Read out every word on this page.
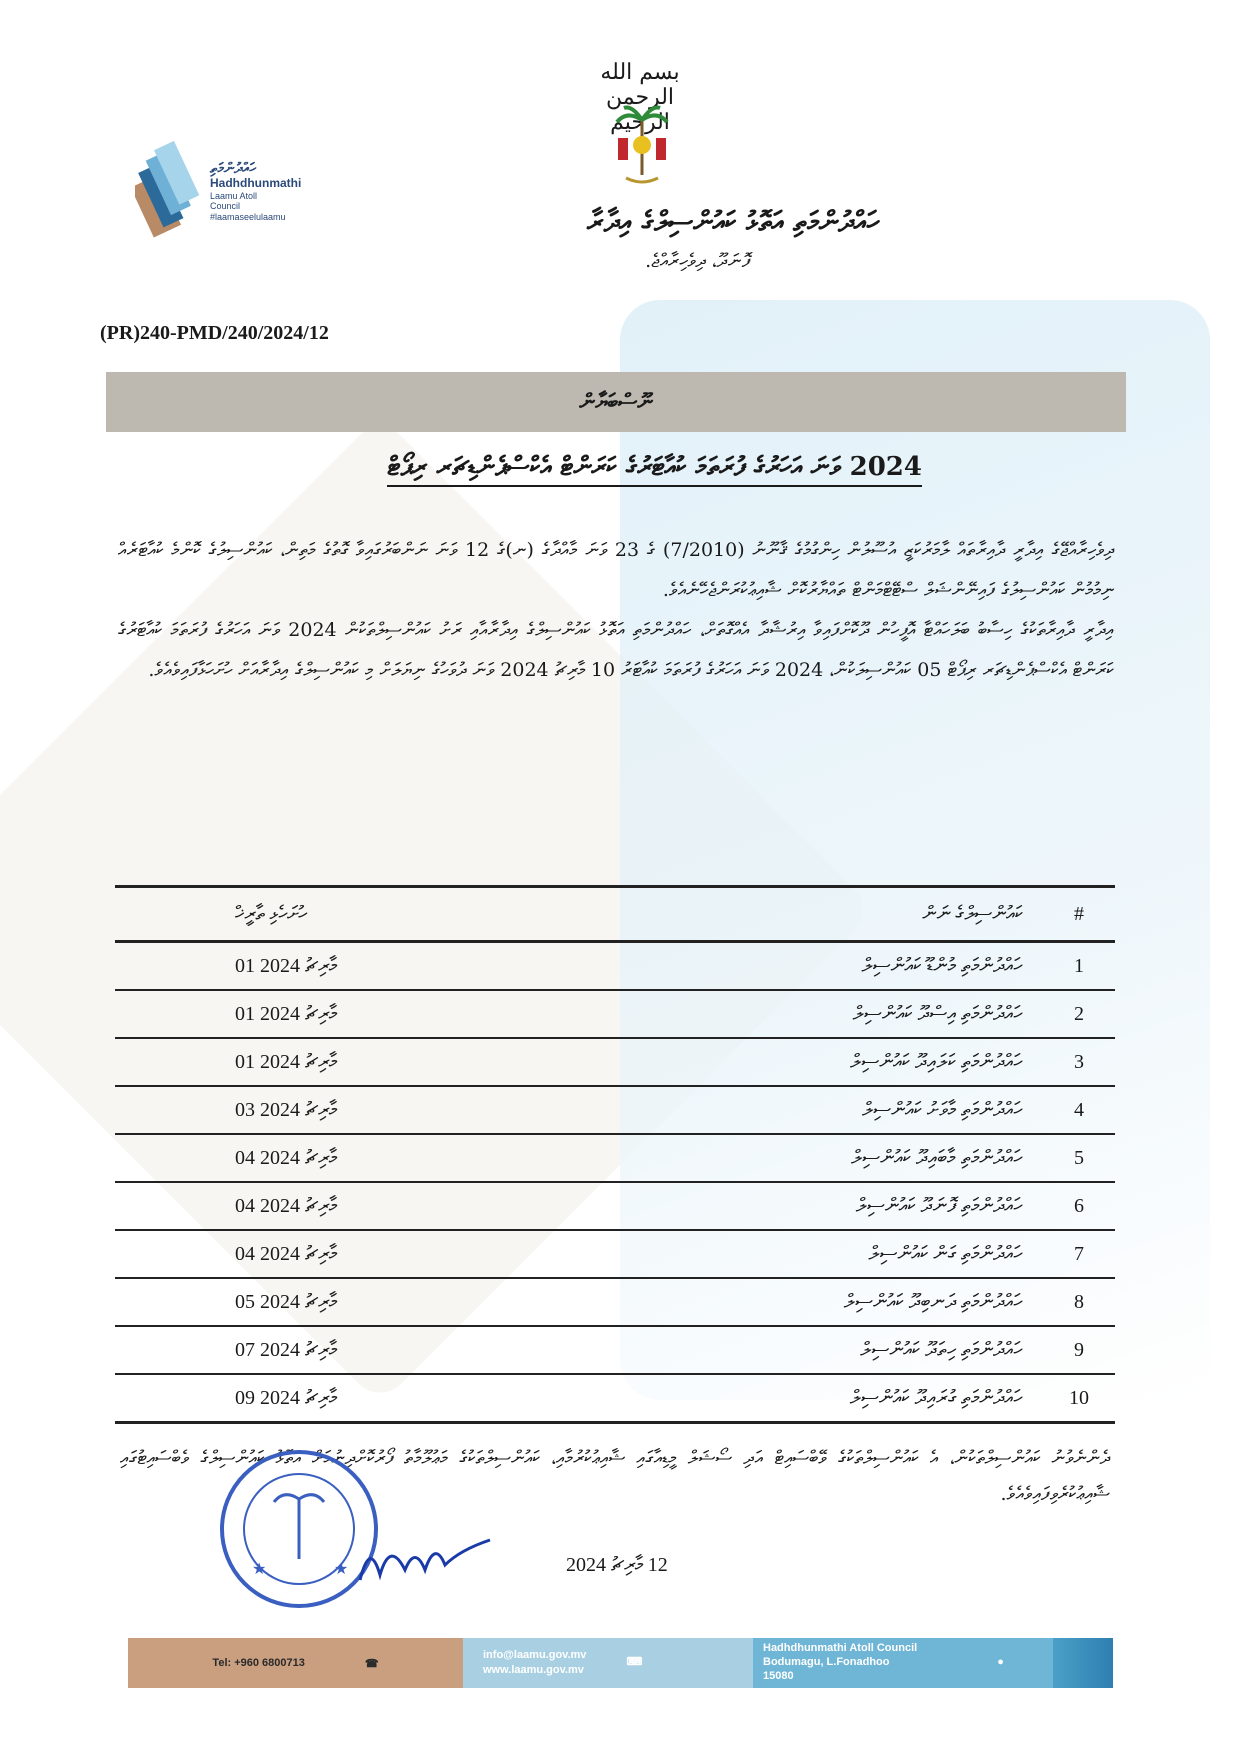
بسم الله الرحمن الرحيم
ހައްދުންމަތި
Hadhdhunmathi
Laamu Atoll
Council
#laamaseelulaamu	ހައްދުންމަތި އަތޮޅު ކައުންސިލްގެ އިދާރާ
ފޮނަދޫ، ދިވެހިރާއްޖެ.
(PR)240-PMD/240/2024/12
ނޫސްބަޔާން
2024 ވަނަ އަހަރުގެ ފުރަތަމަ ކުއާޓަރުގެ ކަރަންޓް އެކްސްޕެންޑިޗަރ ރިޕޯޓް

ދިވެހިރާއްޖޭގެ އިދާރީ ދާއިރާތައް ލާމަރުކަޒީ އުސޫލުން ހިންގުމުގެ ޤާނޫނު (7/2010) ގެ 23 ވަނަ މާއްދާގެ (ނ)ގެ 12 ވަނަ ނަންބަރުގައިވާ ގޮތުގެ މަތިން، ކައުންސިލުގެ ކޮންމެ ކުއާޓަރެއް ނިމުމުން ކައުންސިލުގެ ފައިނޭންޝަލް ސްޓޭޓްމަންޓް ތައްޔާރުކޮށް ޝާއިޢުކުރަންޖެހޭނެއެވެ.

އިދާރީ ދާއިރާތަކުގެ ހިސާބު ބަލަހައްޓާ އޮފީހުން ދޫކޮށްފައިވާ އިރުޝާދާ އެއްގޮތަށް، ހައްދުންމަތި އަތޮޅު ކައުންސިލްގެ އިދާރާއާއި ރަށު ކައުންސިލްތަކުން 2024 ވަނަ އަހަރުގެ ފުރަތަމަ ކުއާޓަރުގެ ކަރަންޓް އެކްސްޕެންޑިޗަރ ރިޕޯޓް 05 ކައުންސިލަކުން، 2024 ވަނަ އަހަރުގެ ފުރަތަމަ ކުއާޓަރު 10 މާރިޗު 2024 ވަނަ ދުވަހުގެ ނިޔަލަށް މި ކައުންސިލްގެ އިދާރާއަށް ހުށަހަޅާފައިވެއެވެ.

ހުށަހެޅި ތާރީޚް	ކައުންސިލްގެ ނަން	#
01 މާރިޗު 2024	ހައްދުންމަތި މުންޑޫ ކައުންސިލް	1
01 މާރިޗު 2024	ހައްދުންމަތި އިސްދޫ ކައުންސިލް	2
01 މާރިޗު 2024	ހައްދުންމަތި ކަލައިދޫ ކައުންސިލް	3
03 މާރިޗު 2024	ހައްދުންމަތި މާވަށު ކައުންސިލް	4
04 މާރިޗު 2024	ހައްދުންމަތި މާބައިދޫ ކައުންސިލް	5
04 މާރިޗު 2024	ހައްދުންމަތި ފޮނަދޫ ކައުންސިލް	6
04 މާރިޗު 2024	ހައްދުންމަތި ގަން ކައުންސިލް	7
05 މާރިޗު 2024	ހައްދުންމަތި ދަނބިދޫ ކައުންސިލް	8
07 މާރިޗު 2024	ހައްދުންމަތި ހިތަދޫ ކައުންސިލް	9
09 މާރިޗު 2024	ހައްދުންމަތި ގުރައިދޫ ކައުންސިލް	10
ދެންނެވުނު ކައުންސިލްތަކުން، އެ ކައުންސިލްތަކުގެ ވޭބްސައިޓް އަދި ސޯޝަލް މީޑިއާގައި ޝާއިޢުކުރުމާއި، ކައުންސިލްތަކުގެ މަޢުލޫމާތު ފޯރުކޮށްދިނުމަށް އަތޮޅު ކައުންސިލްގެ ވެބްސައިޓުގައި ޝާއިޢުކުރެވިފައިވެއެވެ.
★	★	12 މާރިޗު 2024
Tel: +960 6800713	☎
info@laamu.gov.mv
www.laamu.gov.mv
⌨
Hadhdhunmathi Atoll Council
Bodumagu, L.Fonadhoo
15080
●
